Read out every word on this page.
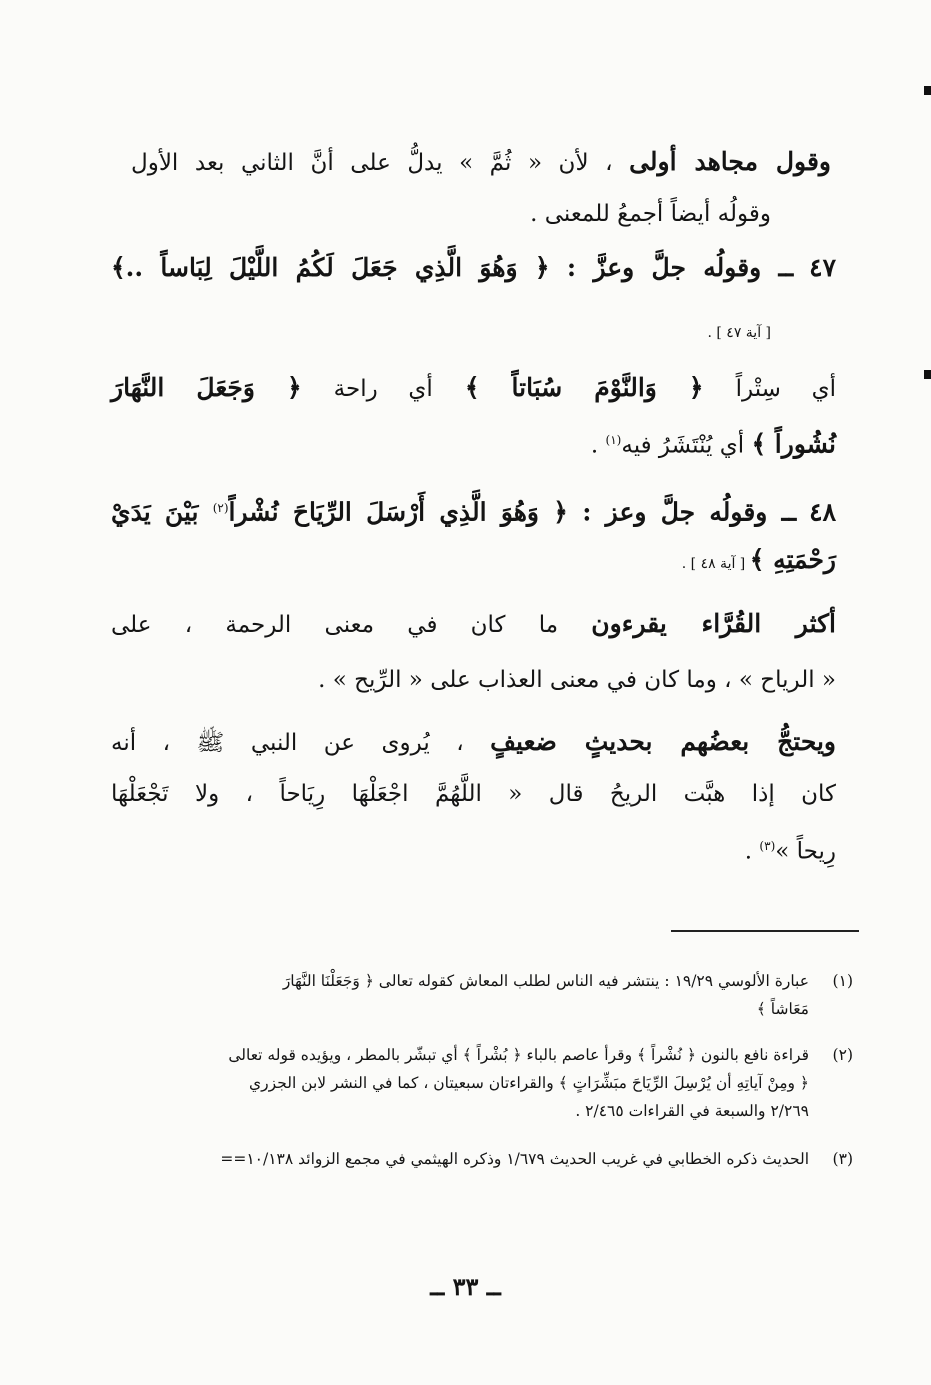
وقول مجاهد أولى ، لأن « ثُمَّ » يدلُّ على أنَّ الثاني بعد الأول
وقولُه أيضاً أجمعُ للمعنى .
٤٧ ــ وقولُه جلَّ وعزَّ : ﴿ وَهُوَ الَّذِي جَعَلَ لَكُمُ اللَّيْلَ لِبَاساً ..﴾
[ آية ٤٧ ] .
أي سِتْراً ﴿ وَالنَّوْمَ سُبَاتاً ﴾ أي راحة ﴿ وَجَعَلَ النَّهَارَ
نُشُوراً ﴾ أي يُنْتَشَرُ فيه$^{(١)}$ .
٤٨ ــ وقولُه جلَّ وعز : ﴿ وَهُوَ الَّذِي أَرْسَلَ الرِّيَاحَ نُشْراً$^{(٢)}$ بَيْنَ يَدَيْ
رَحْمَتِهِ ﴾ [ آية ٤٨ ] .
أكثر القُرَّاء يقرءون ما كان في معنى الرحمة ، على
« الرياح » ، وما كان في معنى العذاب على « الرِّيح » .
ويحتجُّ بعضُهم بحديثٍ ضعيفٍ ، يُروى عن النبي ﷺ ، أنه
كان إذا هبَّت الريحُ قال « اللَّهُمَّ اجْعَلْهَا رِيَاحاً ، ولا تَجْعَلْهَا
رِيحاً »$^{(٣)}$ .
(١)
عبارة الألوسي ١٩/٢٩ : ينتشر فيه الناس لطلب المعاش كقوله تعالى ﴿ وَجَعَلْنَا النَّهَارَ
مَعَاشاً ﴾
(٢)
قراءة نافع بالنون ﴿ نُشْراً ﴾ وقرأ عاصم بالباء ﴿ بُشْراً ﴾ أي تبشّر بالمطر ، ويؤيده قوله تعالى
﴿ ومِنْ آياتِهِ أن يُرْسِلَ الرِّيَاحَ مبَشِّرَاتٍ ﴾ والقراءتان سبعيتان ، كما في النشر لابن الجزري
٢/٢٦٩ والسبعة في القراءات ٢/٤٦٥ .
(٣)
الحديث ذكره الخطابي في غريب الحديث ١/٦٧٩ وذكره الهيثمي في مجمع الزوائد ١٠/١٣٨==
ــ ٣٣ ــ
